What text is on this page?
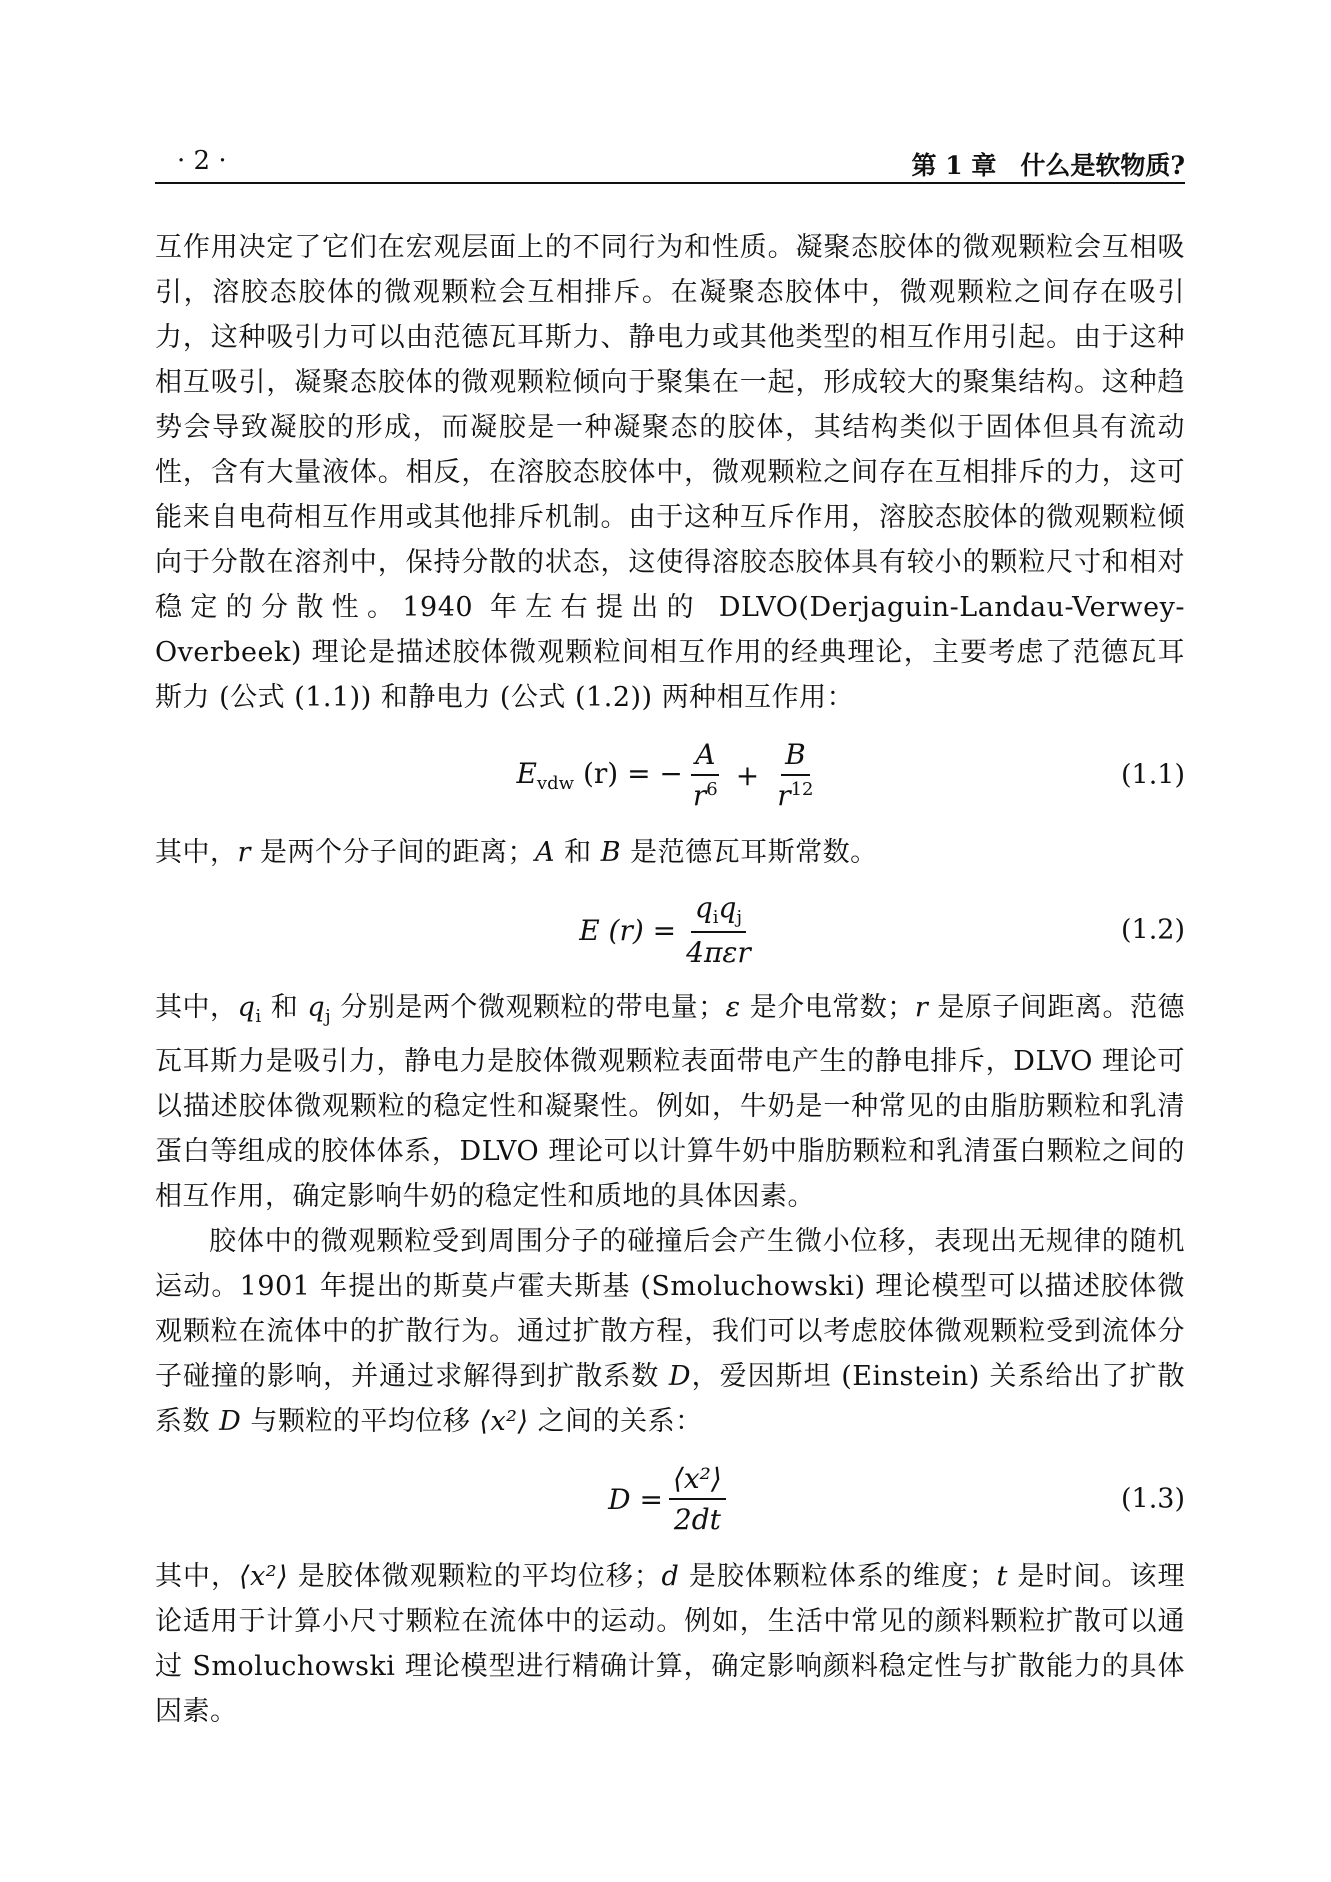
· 2 ·	第 1 章 什么是软物质?

互作用决定了它们在宏观层面上的不同行为和性质。凝聚态胶体的微观颗粒会互相吸引，溶胶态胶体的微观颗粒会互相排斥。在凝聚态胶体中，微观颗粒之间存在吸引力，这种吸引力可以由范德瓦耳斯力、静电力或其他类型的相互作用引起。由于这种相互吸引，凝聚态胶体的微观颗粒倾向于聚集在一起，形成较大的聚集结构。这种趋势会导致凝胶的形成，而凝胶是一种凝聚态的胶体，其结构类似于固体但具有流动性，含有大量液体。相反，在溶胶态胶体中，微观颗粒之间存在互相排斥的力，这可能来自电荷相互作用或其他排斥机制。由于这种互斥作用，溶胶态胶体的微观颗粒倾向于分散在溶剂中，保持分散的状态，这使得溶胶态胶体具有较小的颗粒尺寸和相对稳定的分散性。1940 年左右提出的 DLVO(Derjaguin-Landau-Verwey-Overbeek) 理论是描述胶体微观颗粒间相互作用的经典理论，主要考虑了范德瓦耳斯力 (公式 (1.1)) 和静电力 (公式 (1.2)) 两种相互作用：

$E_{vdw}$ (r) = − $\frac{A}{r^6} + \frac{B}{r^{12}}$	(1.1)

其中，r 是两个分子间的距离；A 和 B 是范德瓦耳斯常数。

E $(r) = \frac{q_iq_j}{\text{4πεr}}$	(1.2)

其中，$q_i$ 和 $q_j$ 分别是两个微观颗粒的带电量；ε 是介电常数；r 是原子间距离。范德瓦耳斯力是吸引力，静电力是胶体微观颗粒表面带电产生的静电排斥，DLVO 理论可以描述胶体微观颗粒的稳定性和凝聚性。例如，牛奶是一种常见的由脂肪颗粒和乳清蛋白等组成的胶体体系，DLVO 理论可以计算牛奶中脂肪颗粒和乳清蛋白颗粒之间的相互作用，确定影响牛奶的稳定性和质地的具体因素。

胶体中的微观颗粒受到周围分子的碰撞后会产生微小位移，表现出无规律的随机运动。1901 年提出的斯莫卢霍夫斯基 (Smoluchowski) 理论模型可以描述胶体微观颗粒在流体中的扩散行为。通过扩散方程，我们可以考虑胶体微观颗粒受到流体分子碰撞的影响，并通过求解得到扩散系数 D，爱因斯坦 (Einstein) 关系给出了扩散系数 D 与颗粒的平均位移 ⟨x²⟩ 之间的关系：

$D = \frac{\text{⟨x²⟩}}{2dt}$	(1.3)

其中，⟨x²⟩ 是胶体微观颗粒的平均位移；d 是胶体颗粒体系的维度；t 是时间。该理论适用于计算小尺寸颗粒在流体中的运动。例如，生活中常见的颜料颗粒扩散可以通过 Smoluchowski 理论模型进行精确计算，确定影响颜料稳定性与扩散能力的具体因素。
